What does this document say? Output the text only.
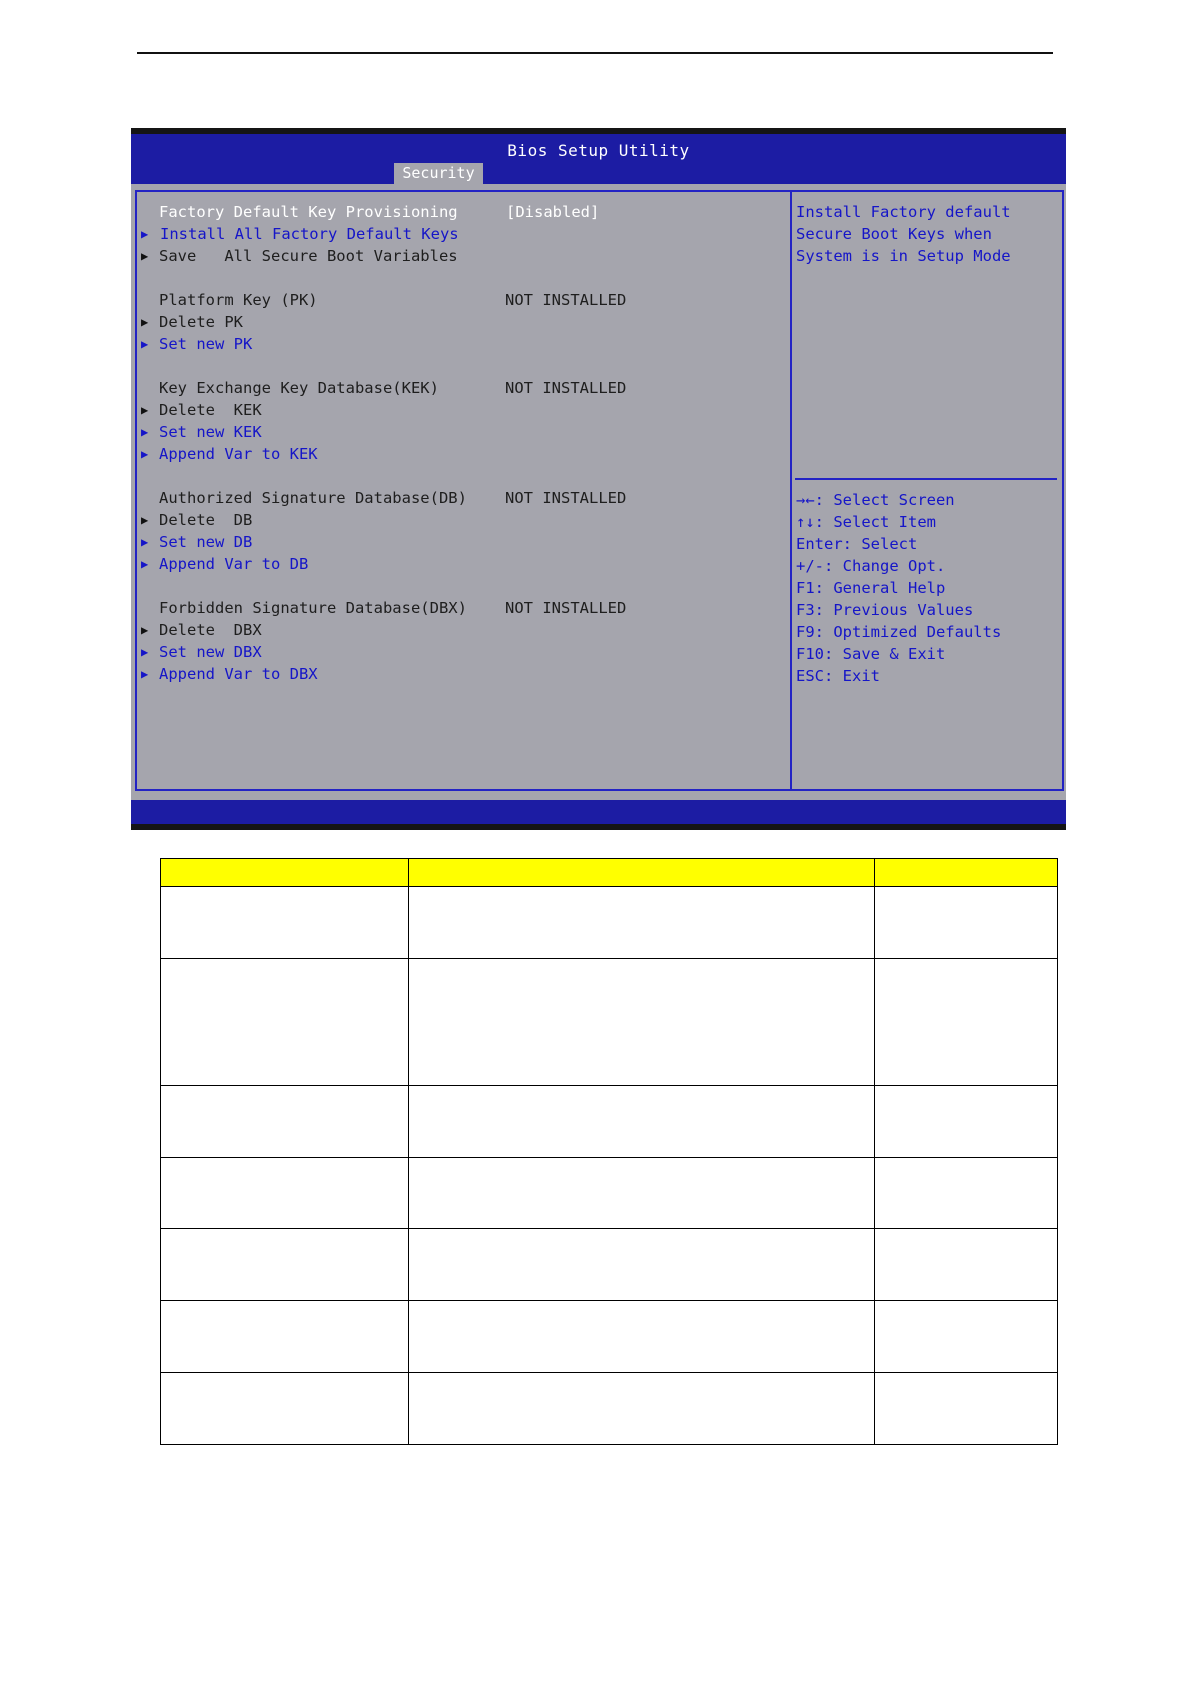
Bios Setup Utility
Security
Factory Default Key Provisioning	[Disabled]
▶ Install All Factory Default Keys
▶ Save   All Secure Boot Variables
Platform Key (PK)	NOT INSTALLED
▶ Delete PK
▶ Set new PK
Key Exchange Key Database(KEK)	NOT INSTALLED
▶ Delete  KEK
▶ Set new KEK
▶ Append Var to KEK
Authorized Signature Database(DB) NOT INSTALLED
▶ Delete  DB
▶ Set new DB
▶ Append Var to DB
Forbidden Signature Database(DBX) NOT INSTALLED
▶ Delete  DBX
▶ Set new DBX
▶ Append Var to DBX
Install Factory default
Secure Boot Keys when
System is in Setup Mode
→←: Select Screen
↑↓: Select Item
Enter: Select
+/-: Change Opt.
F1: General Help
F3: Previous Values
F9: Optimized Defaults
F10: Save & Exit
ESC: Exit
